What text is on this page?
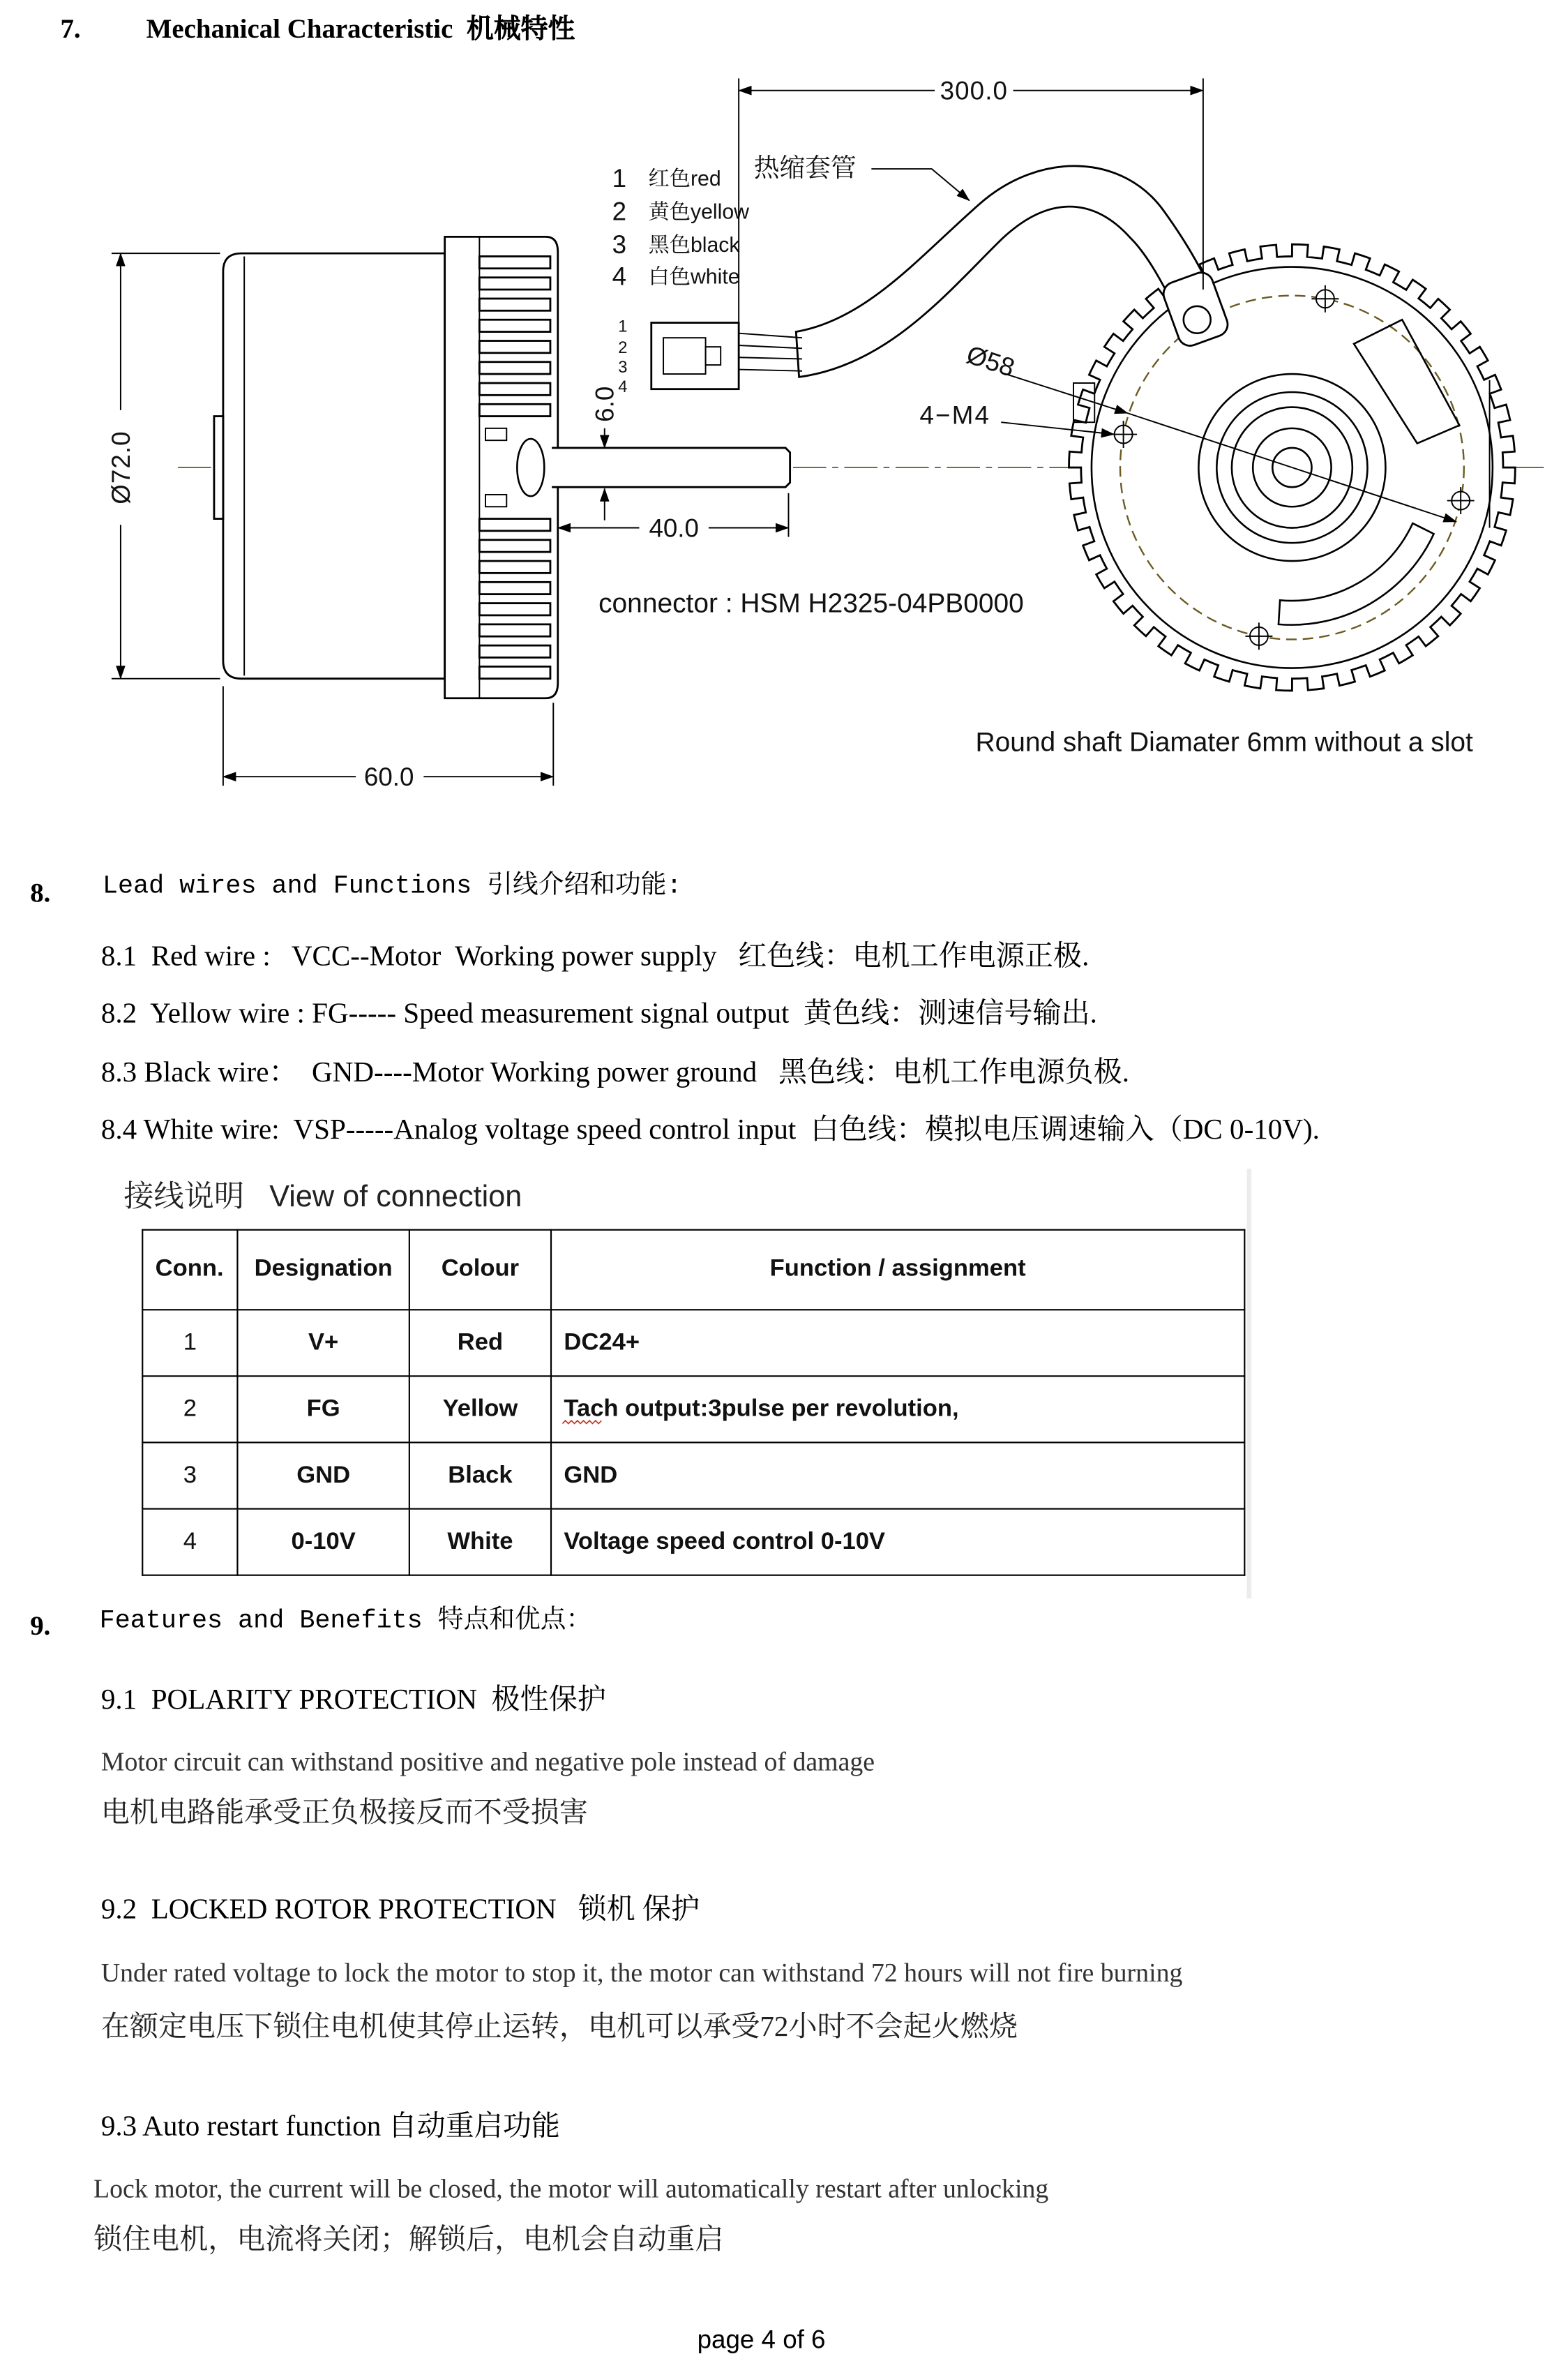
7.	Mechanical Characteristic  机械特性
1
2
3
4
1 红色red
2 黄色yellow
3 黑色black
4 白色white
热缩套管
300.0
Ø72.0
6.0
40.0
60.0
Ø58
4−M4
connector : HSM H2325-04PB0000
Round shaft Diamater 6mm without a slot
8.	Lead wires and Functions 引线介绍和功能:
8.1  Red wire :   VCC--Motor  Working power supply   红色线：电机工作电源正极.
8.2  Yellow wire : FG----- Speed measurement signal output  黄色线：测速信号输出.
8.3 Black wire：  GND----Motor Working power ground   黑色线：电机工作电源负极.
8.4 White wire:  VSP-----Analog voltage speed control input  白色线：模拟电压调速输入（DC 0-10V).
接线说明   View of connection
Conn.	Designation	Colour	Function / assignment
1	V+	Red	DC24+
2	FG	Yellow	Tach output:3pulse per revolution,
3	GND	Black	GND
4	0-10V	White	Voltage speed control 0-10V
9.	Features and Benefits 特点和优点：
9.1  POLARITY PROTECTION  极性保护
Motor circuit can withstand positive and negative pole instead of damage
电机电路能承受正负极接反而不受损害
9.2  LOCKED ROTOR PROTECTION   锁机 保护
Under rated voltage to lock the motor to stop it, the motor can withstand 72 hours will not fire burning
在额定电压下锁住电机使其停止运转，电机可以承受72小时不会起火燃烧
9.3 Auto restart function 自动重启功能
Lock motor, the current will be closed, the motor will automatically restart after unlocking
锁住电机，电流将关闭；解锁后，电机会自动重启
page 4 of 6
